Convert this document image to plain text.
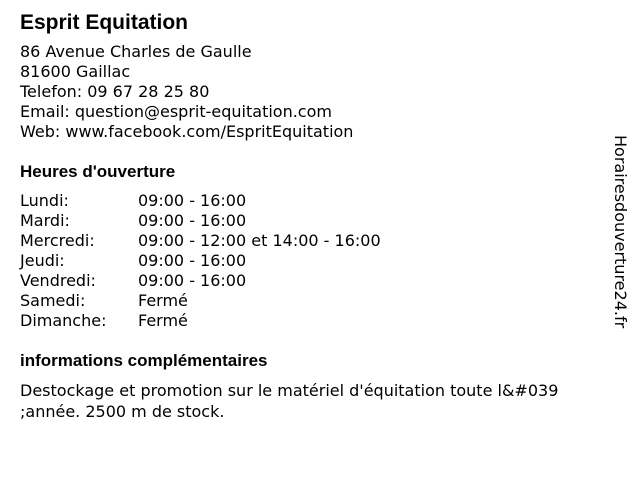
Esprit Equitation
86 Avenue Charles de Gaulle
81600 Gaillac
Telefon: 09 67 28 25 80
Email: question@esprit-equitation.com
Web: www.facebook.com/EspritEquitation
Heures d'ouverture
Lundi:	09:00 - 16:00
Mardi:	09:00 - 16:00
Mercredi:	09:00 - 12:00 et 14:00 - 16:00
Jeudi:	09:00 - 16:00
Vendredi:	09:00 - 16:00
Samedi:	Fermé
Dimanche:	Fermé
informations complémentaires
Destockage et promotion sur le matériel d'équitation toute l&#039 ;année. 2500 m de stock.
Horairesdouverture24.fr
